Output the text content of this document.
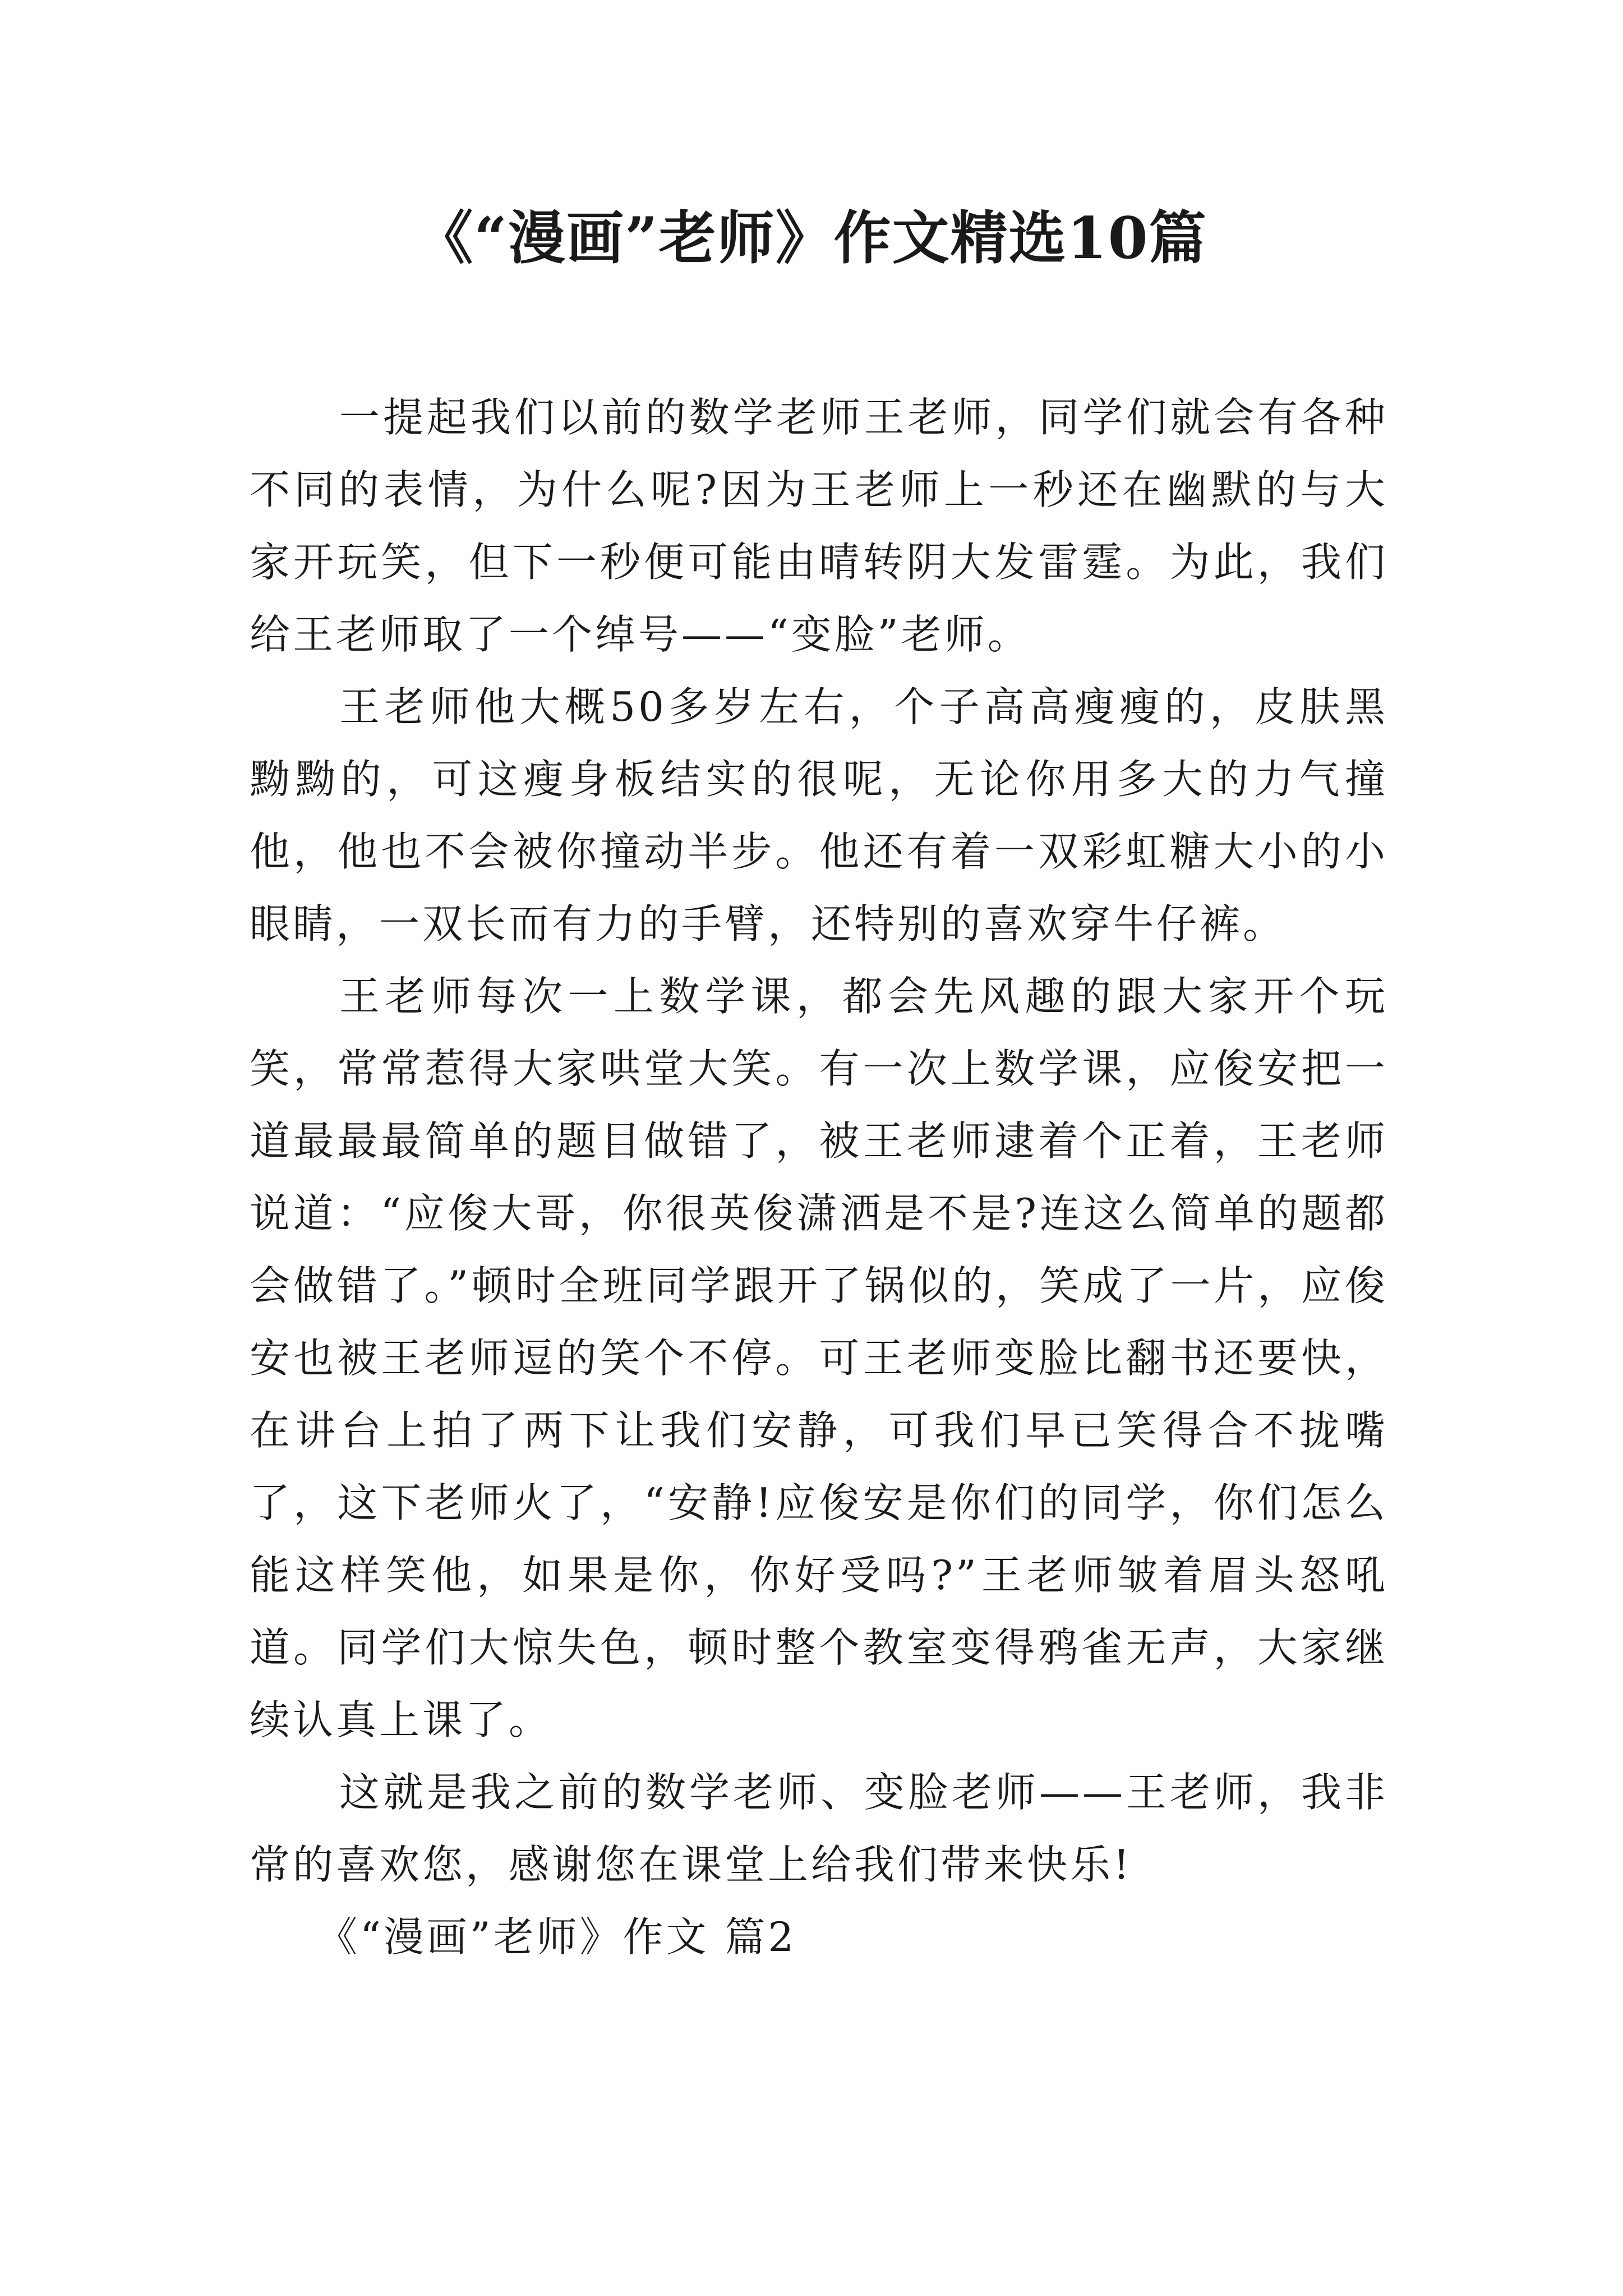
《“漫画”老师》作文精选10篇

一提起我们以前的数学老师王老师，同学们就会有各种不同的表情，为什么呢?因为王老师上一秒还在幽默的与大家开玩笑，但下一秒便可能由晴转阴大发雷霆。为此，我们给王老师取了一个绰号——“变脸”老师。

王老师他大概50多岁左右，个子高高瘦瘦的，皮肤黑黝黝的，可这瘦身板结实的很呢，无论你用多大的力气撞他，他也不会被你撞动半步。他还有着一双彩虹糖大小的小眼睛，一双长而有力的手臂，还特别的喜欢穿牛仔裤。

王老师每次一上数学课，都会先风趣的跟大家开个玩笑，常常惹得大家哄堂大笑。有一次上数学课，应俊安把一道最最最简单的题目做错了，被王老师逮着个正着，王老师说道：“应俊大哥，你很英俊潇洒是不是?连这么简单的题都会做错了。”顿时全班同学跟开了锅似的，笑成了一片，应俊安也被王老师逗的笑个不停。可王老师变脸比翻书还要快，在讲台上拍了两下让我们安静，可我们早已笑得合不拢嘴了，这下老师火了，“安静!应俊安是你们的同学，你们怎么能这样笑他，如果是你，你好受吗?”王老师皱着眉头怒吼道。同学们大惊失色，顿时整个教室变得鸦雀无声，大家继续认真上课了。

这就是我之前的数学老师、变脸老师——王老师，我非常的喜欢您，感谢您在课堂上给我们带来快乐!

《“漫画”老师》作文 篇2
